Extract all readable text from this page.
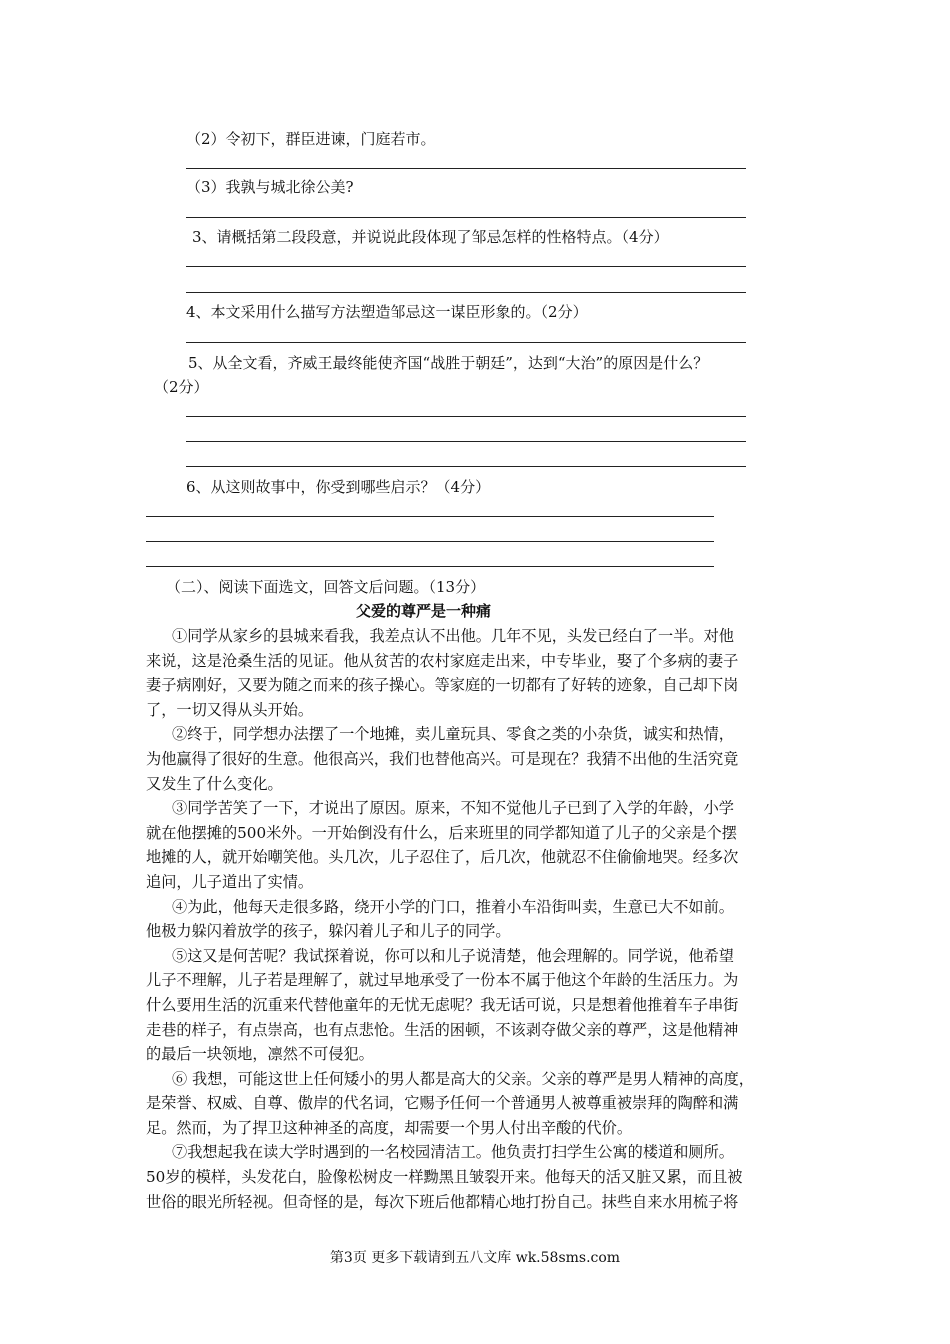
（2）令初下，群臣进谏，门庭若市。
（3）我孰与城北徐公美?
3、请概括第二段段意，并说说此段体现了邹忌怎样的性格特点。（4分）
4、本文采用什么描写方法塑造邹忌这一谋臣形象的。（2分）
5、从全文看，齐威王最终能使齐国“战胜于朝廷”，达到“大治”的原因是什么？
（2分）
6、从这则故事中，你受到哪些启示？（4分）
（二）、阅读下面选文，回答文后问题。（13分）
父爱的尊严是一种痛
①同学从家乡的县城来看我，我差点认不出他。几年不见，头发已经白了一半。对他
来说，这是沧桑生活的见证。他从贫苦的农村家庭走出来，中专毕业，娶了个多病的妻子
妻子病刚好，又要为随之而来的孩子操心。等家庭的一切都有了好转的迹象，自己却下岗
了，一切又得从头开始。
②终于，同学想办法摆了一个地摊，卖儿童玩具、零食之类的小杂货，诚实和热情，
为他赢得了很好的生意。他很高兴，我们也替他高兴。可是现在？我猜不出他的生活究竟
又发生了什么变化。
③同学苦笑了一下，才说出了原因。原来，不知不觉他儿子已到了入学的年龄，小学
就在他摆摊的500米外。一开始倒没有什么，后来班里的同学都知道了儿子的父亲是个摆
地摊的人，就开始嘲笑他。头几次，儿子忍住了，后几次，他就忍不住偷偷地哭。经多次
追问，儿子道出了实情。
④为此，他每天走很多路，绕开小学的门口，推着小车沿街叫卖，生意已大不如前。
他极力躲闪着放学的孩子，躲闪着儿子和儿子的同学。
⑤这又是何苦呢？我试探着说，你可以和儿子说清楚，他会理解的。同学说，他希望
儿子不理解，儿子若是理解了，就过早地承受了一份本不属于他这个年龄的生活压力。为
什么要用生活的沉重来代替他童年的无忧无虑呢？我无话可说，只是想着他推着车子串街
走巷的样子，有点崇高，也有点悲怆。生活的困顿，不该剥夺做父亲的尊严，这是他精神
的最后一块领地，凛然不可侵犯。
⑥ 我想，可能这世上任何矮小的男人都是高大的父亲。父亲的尊严是男人精神的高度，
是荣誉、权威、自尊、傲岸的代名词，它赐予任何一个普通男人被尊重被崇拜的陶醉和满
足。然而，为了捍卫这种神圣的高度，却需要一个男人付出辛酸的代价。
⑦我想起我在读大学时遇到的一名校园清洁工。他负责打扫学生公寓的楼道和厕所。
50岁的模样，头发花白，脸像松树皮一样黝黑且皱裂开来。他每天的活又脏又累，而且被
世俗的眼光所轻视。但奇怪的是，每次下班后他都精心地打扮自己。抹些自来水用梳子将
第3页 更多下载请到五八文库 wk.58sms.com
